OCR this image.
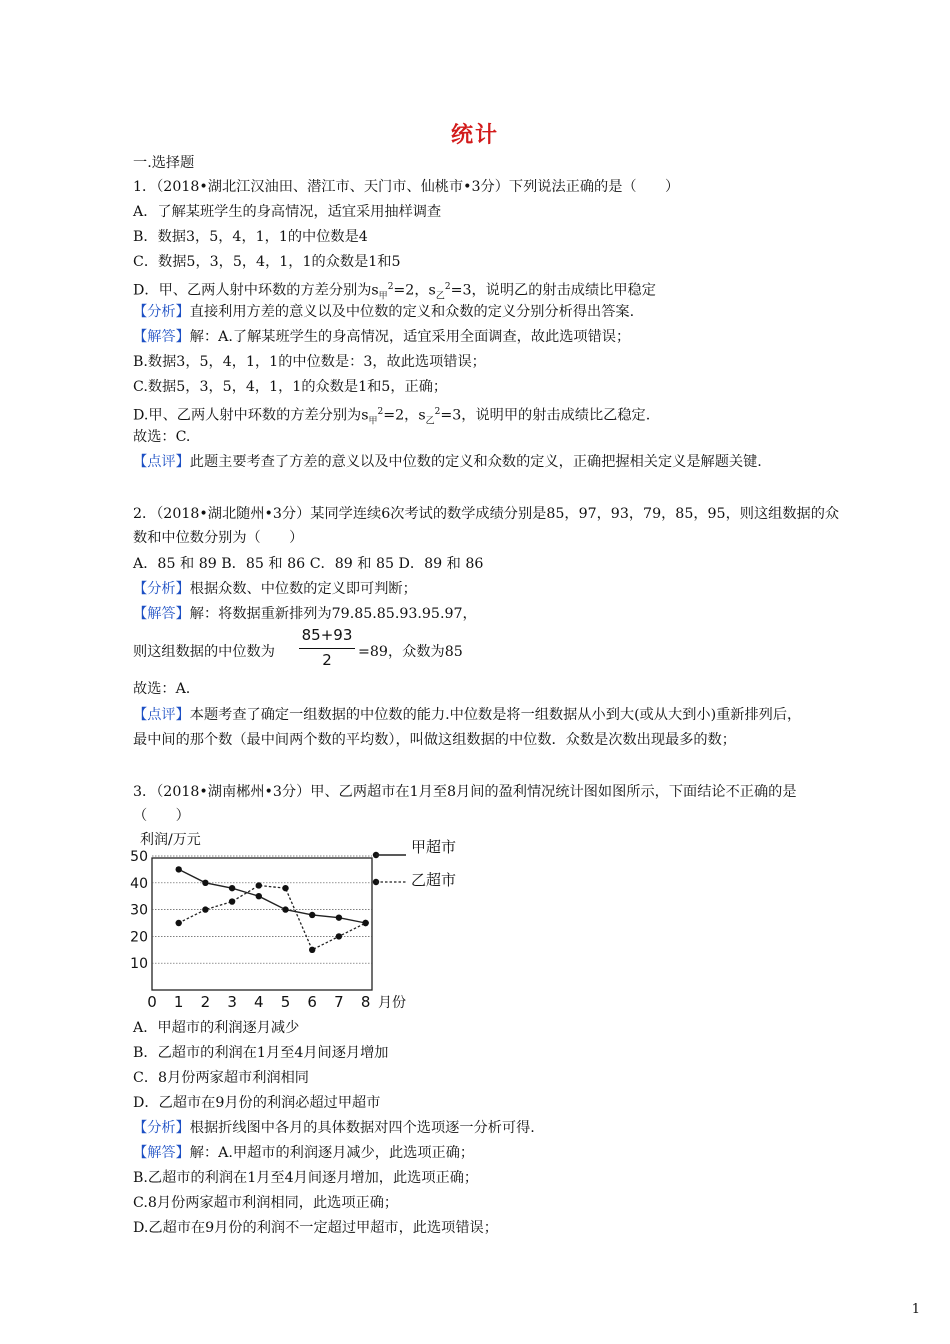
统计
一.选择题
1．（2018•湖北江汉油田、潜江市、天门市、仙桃市•3分）下列说法正确的是（　　）
A．了解某班学生的身高情况，适宜采用抽样调查
B．数据3，5，4，1，1的中位数是4
C．数据5，3，5，4，1，1的众数是1和5
D．甲、乙两人射中环数的方差分别为$s_甲^2=2$，$s_乙^2=3$，说明乙的射击成绩比甲稳定
【分析】直接利用方差的意义以及中位数的定义和众数的定义分别分析得出答案.
【解答】解：A.了解某班学生的身高情况，适宜采用全面调查，故此选项错误；
B.数据3，5，4，1，1的中位数是：3，故此选项错误；
C.数据5，3，5，4，1，1的众数是1和5，正确；
D.甲、乙两人射中环数的方差分别为$s_甲^2=2$，$s_乙^2=3$，说明甲的射击成绩比乙稳定.
故选：C.
【点评】此题主要考查了方差的意义以及中位数的定义和众数的定义，正确把握相关定义是解题关键.
2．（2018•湖北随州•3分）某同学连续6次考试的数学成绩分别是85，97，93，79，85，95，则这组数据的众
数和中位数分别为（　　）
A．85 和 89 B．85 和 86 C．89 和 85 D．89 和 86
【分析】根据众数、中位数的定义即可判断；
【解答】解：将数据重新排列为79.85.85.93.95.97，
则这组数据的中位数为
85+93
2	=89，众数为85
故选：A.
【点评】本题考查了确定一组数据的中位数的能力.中位数是将一组数据从小到大(或从大到小)重新排列后，
最中间的那个数（最中间两个数的平均数），叫做这组数据的中位数．众数是次数出现最多的数；
3．（2018•湖南郴州•3分）甲、乙两超市在1月至8月间的盈利情况统计图如图所示，下面结论不正确的是
（　　）
10
20
30
40
50
0 1 2 3 4 5 6 7 8 月份
利润/万元	甲超市
乙超市
A．甲超市的利润逐月减少
B．乙超市的利润在1月至4月间逐月增加
C．8月份两家超市利润相同
D．乙超市在9月份的利润必超过甲超市
【分析】根据折线图中各月的具体数据对四个选项逐一分析可得.
【解答】解：A.甲超市的利润逐月减少，此选项正确；
B.乙超市的利润在1月至4月间逐月增加，此选项正确；
C.8月份两家超市利润相同，此选项正确；
D.乙超市在9月份的利润不一定超过甲超市，此选项错误；
1
